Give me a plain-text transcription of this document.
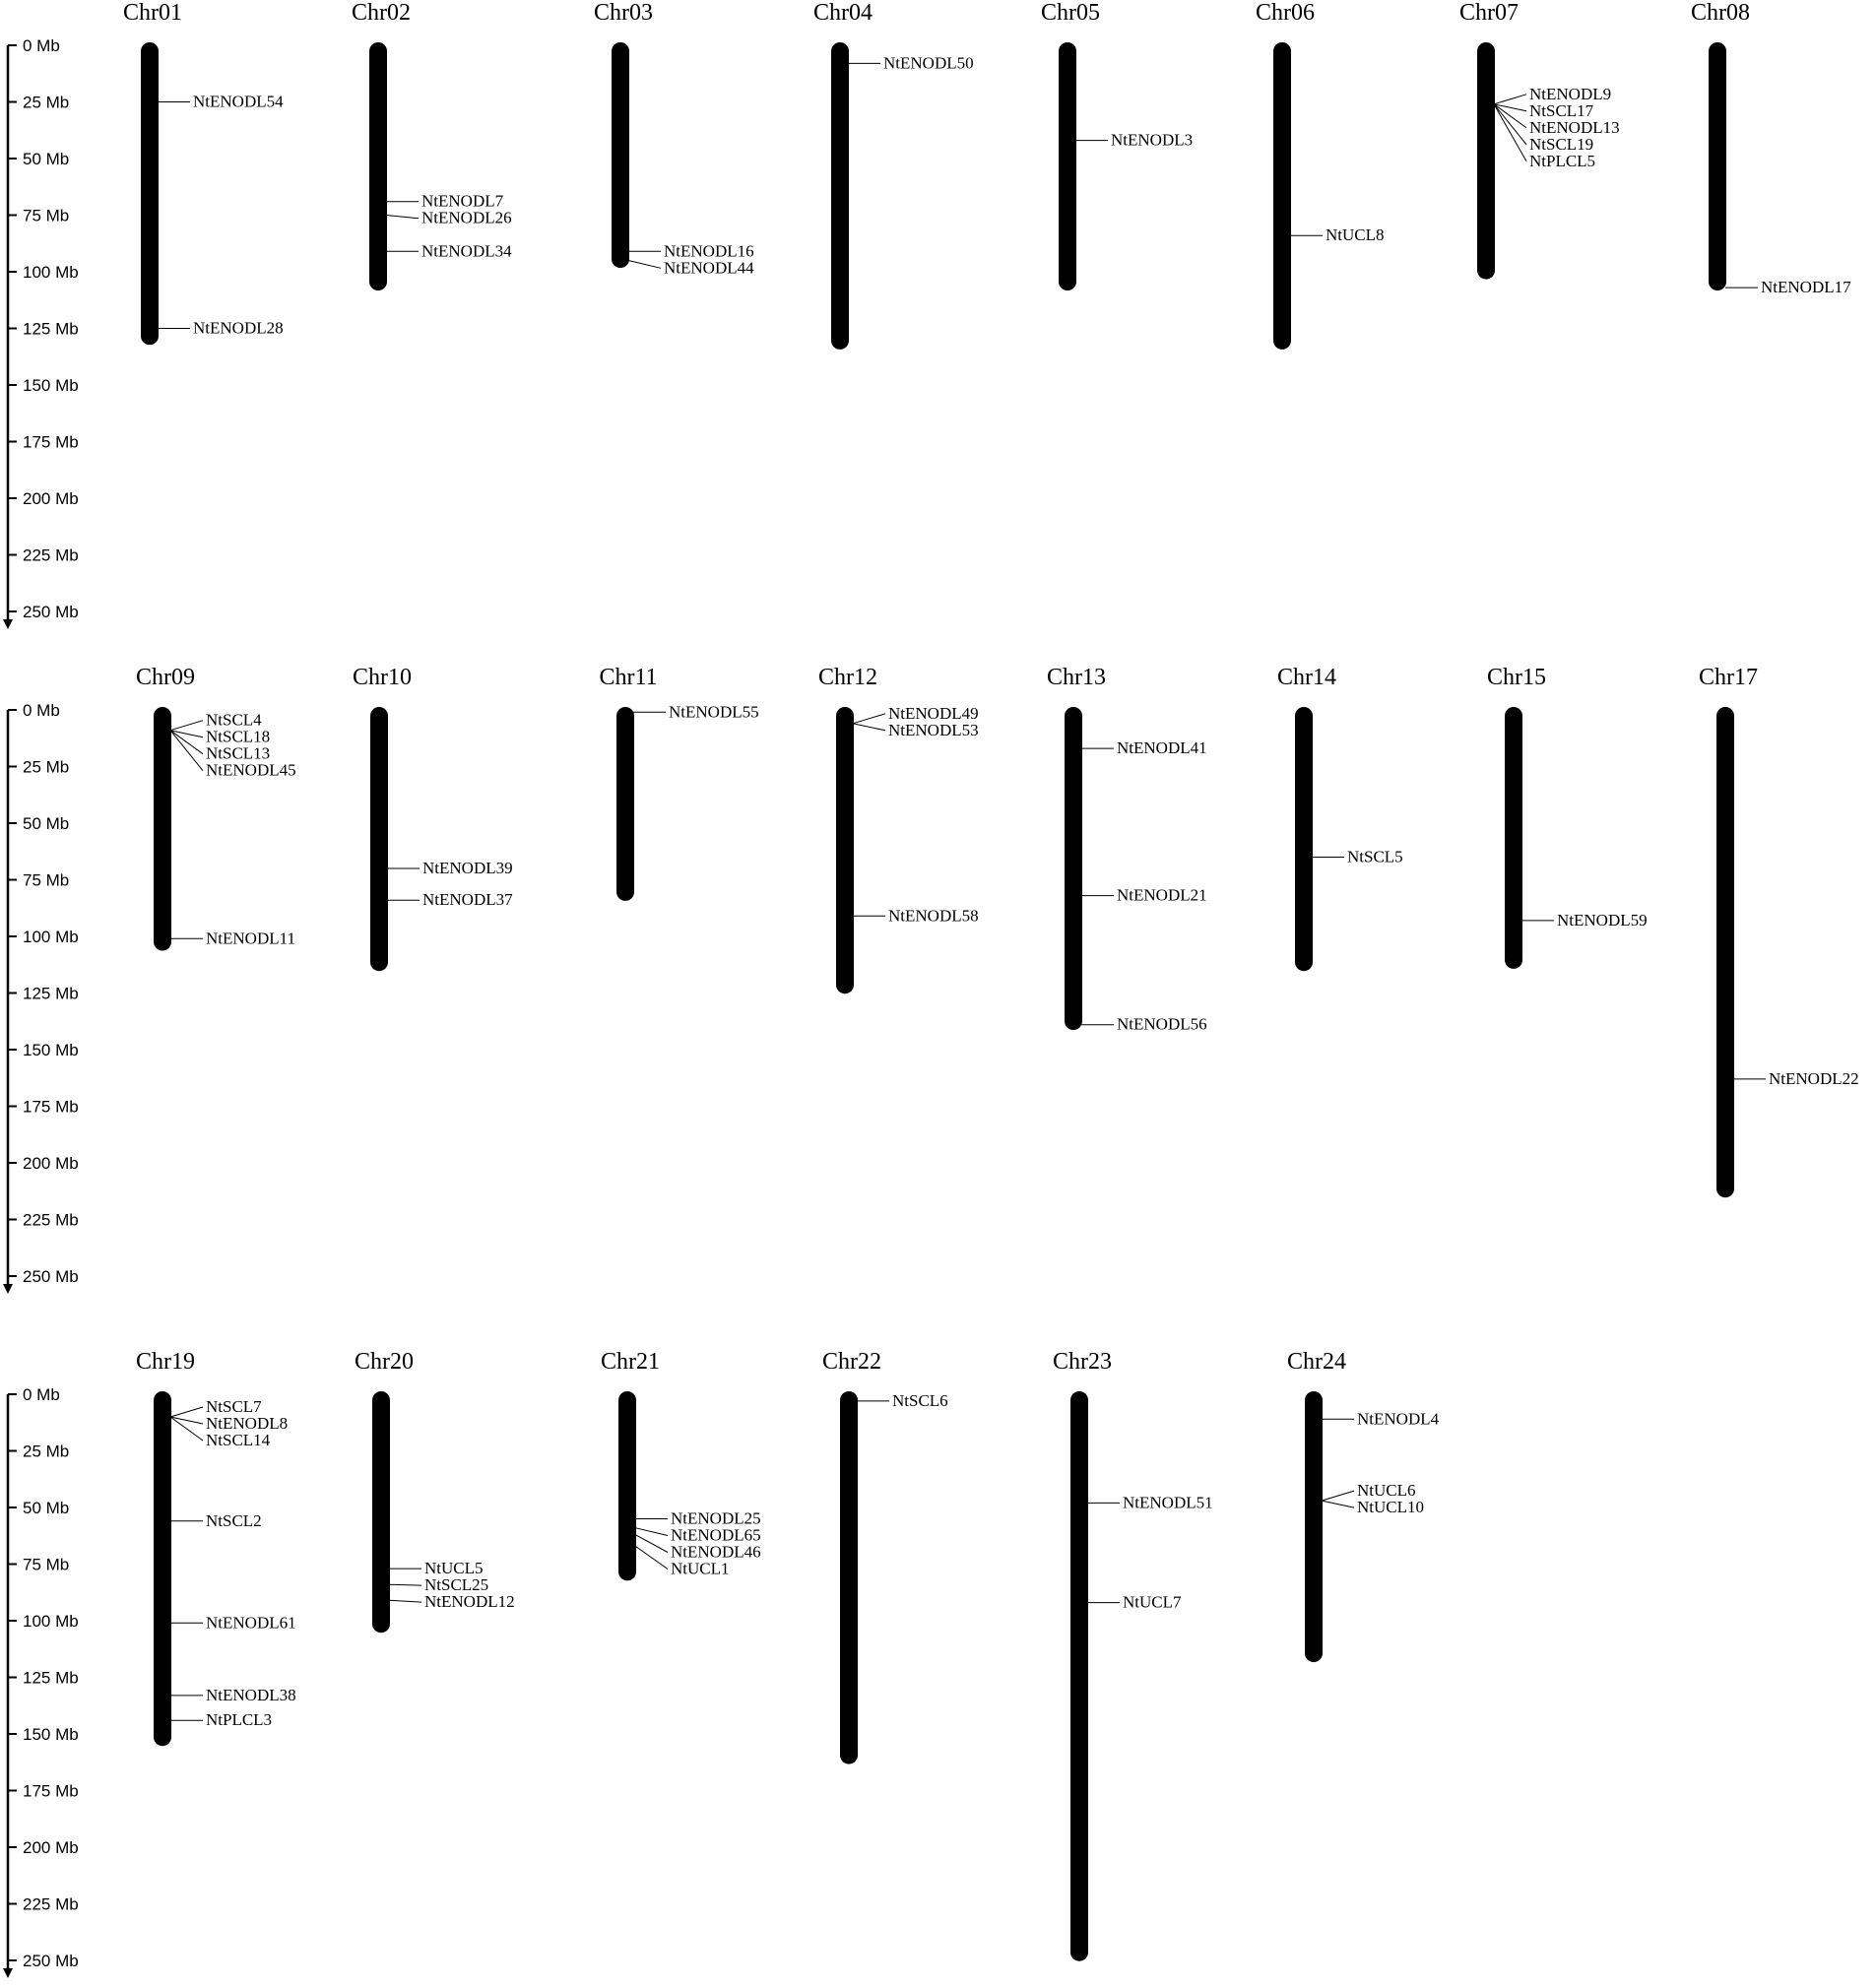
0 Mb
25 Mb
50 Mb
75 Mb
100 Mb
125 Mb
150 Mb
175 Mb
200 Mb
225 Mb
250 Mb
Chr01
NtENODL54
NtENODL28
Chr02
NtENODL7
NtENODL26
NtENODL34
Chr03
NtENODL16
NtENODL44
Chr04
NtENODL50
Chr05
NtENODL3
Chr06
NtUCL8
Chr07
NtENODL9
NtSCL17
NtENODL13
NtSCL19
NtPLCL5
Chr08
NtENODL17
0 Mb
25 Mb
50 Mb
75 Mb
100 Mb
125 Mb
150 Mb
175 Mb
200 Mb
225 Mb
250 Mb
Chr09
NtSCL4
NtSCL18
NtSCL13
NtENODL45
NtENODL11
Chr10
NtENODL39
NtENODL37
Chr11
NtENODL55
Chr12
NtENODL49
NtENODL53
NtENODL58
Chr13
NtENODL41
NtENODL21
NtENODL56
Chr14
NtSCL5
Chr15
NtENODL59
Chr17
NtENODL22
0 Mb
25 Mb
50 Mb
75 Mb
100 Mb
125 Mb
150 Mb
175 Mb
200 Mb
225 Mb
250 Mb
Chr19
NtSCL7
NtENODL8
NtSCL14
NtSCL2
NtENODL61
NtENODL38
NtPLCL3
Chr20
NtUCL5
NtSCL25
NtENODL12
Chr21
NtENODL25
NtENODL65
NtENODL46
NtUCL1
Chr22
NtSCL6
Chr23
NtENODL51
NtUCL7
Chr24
NtENODL4
NtUCL6
NtUCL10
